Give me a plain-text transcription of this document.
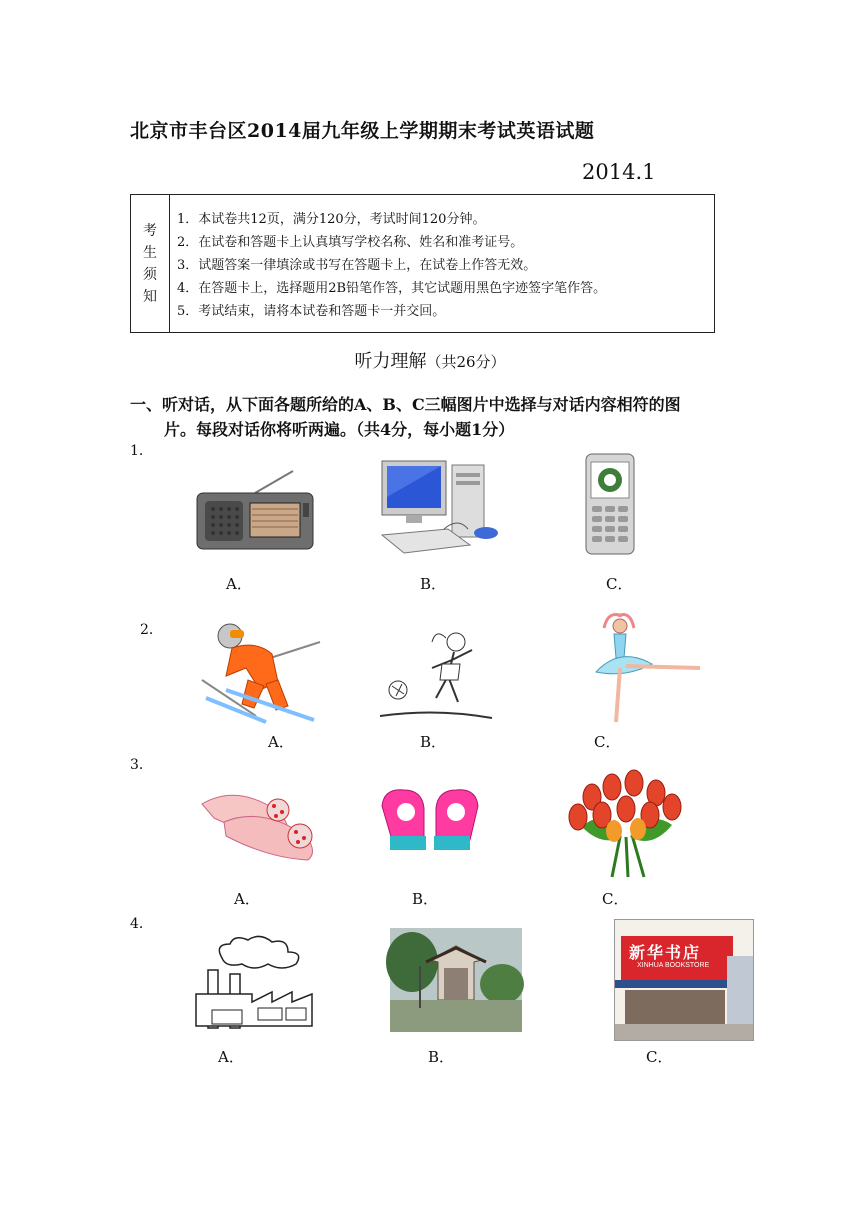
北京市丰台区2014届九年级上学期期末考试英语试题
2014.1
考
生
须
知
1．本试卷共12页，满分120分，考试时间120分钟。
2．在试卷和答题卡上认真填写学校名称、姓名和准考证号。
3．试题答案一律填涂或书写在答题卡上，在试卷上作答无效。
4．在答题卡上，选择题用2B铅笔作答，其它试题用黑色字迹签字笔作答。
5．考试结束，请将本试卷和答题卡一并交回。
听力理解（共26分）
一、听对话，从下面各题所给的A、B、C三幅图片中选择与对话内容相符的图
片。每段对话你将听两遍。（共4分，每小题1分）
1．
2．
3．
4．
A．	B．	C．
A．	B．	C．
A．	B．	C．
A．	B．	C．
新华书店
XINHUA BOOKSTORE
